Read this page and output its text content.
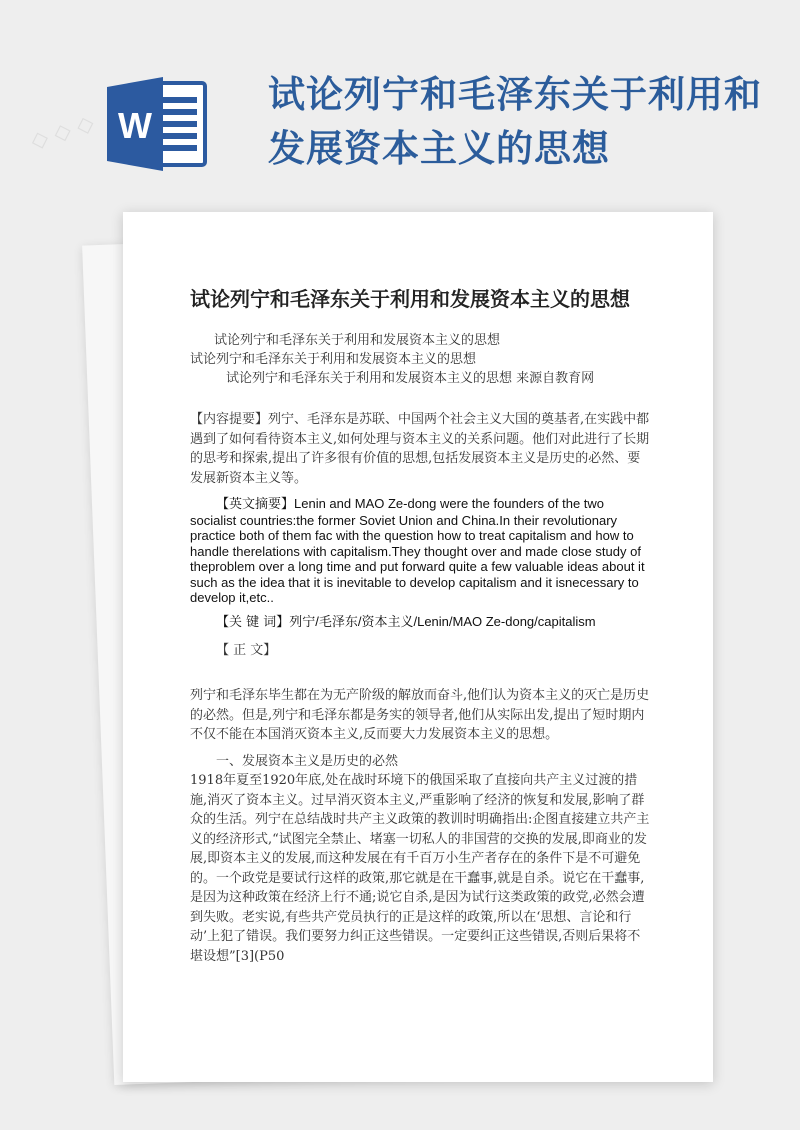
W
试论列宁和毛泽东关于利用和
发展资本主义的思想
试论列宁和毛泽东关于利用和发展资本主义的思想
试论列宁和毛泽东关于利用和发展资本主义的思想
试论列宁和毛泽东关于利用和发展资本主义的思想
试论列宁和毛泽东关于利用和发展资本主义的思想 来源自教育网

【内容提要】列宁、毛泽东是苏联、中国两个社会主义大国的奠基者,在实践中都遇到了如何看待资本主义,如何处理与资本主义的关系问题。他们对此进行了长期的思考和探索,提出了许多很有价值的思想,包括发展资本主义是历史的必然、要发展新资本主义等。

【英文摘要】Lenin and MAO Ze-dong were the founders of the two socialist countries:the former Soviet Union and China.In their revolutionary practice both of them fac with the question how to treat capitalism and how to handle therelations with capitalism.They thought over and made close study of theproblem over a long time and put forward quite a few valuable ideas about it such as the idea that it is inevitable to develop capitalism and it isnecessary to develop it,etc..

【关 键 词】列宁/毛泽东/资本主义/Lenin/MAO Ze-dong/capitalism

【 正 文】

列宁和毛泽东毕生都在为无产阶级的解放而奋斗,他们认为资本主义的灭亡是历史的必然。但是,列宁和毛泽东都是务实的领导者,他们从实际出发,提出了短时期内不仅不能在本国消灭资本主义,反而要大力发展资本主义的思想。

一、发展资本主义是历史的必然

1918年夏至1920年底,处在战时环境下的俄国采取了直接向共产主义过渡的措施,消灭了资本主义。过早消灭资本主义,严重影响了经济的恢复和发展,影响了群众的生活。列宁在总结战时共产主义政策的教训时明确指出:企图直接建立共产主义的经济形式,“试图完全禁止、堵塞一切私人的非国营的交换的发展,即商业的发展,即资本主义的发展,而这种发展在有千百万小生产者存在的条件下是不可避免的。一个政党是要试行这样的政策,那它就是在干蠢事,就是自杀。说它在干蠢事,是因为这种政策在经济上行不通;说它自杀,是因为试行这类政策的政党,必然会遭到失败。老实说,有些共产党员执行的正是这样的政策,所以在‘思想、言论和行动’上犯了错误。我们要努力纠正这些错误。一定要纠正这些错误,否则后果将不堪设想”[3](P50

◇ ◇ ◇
